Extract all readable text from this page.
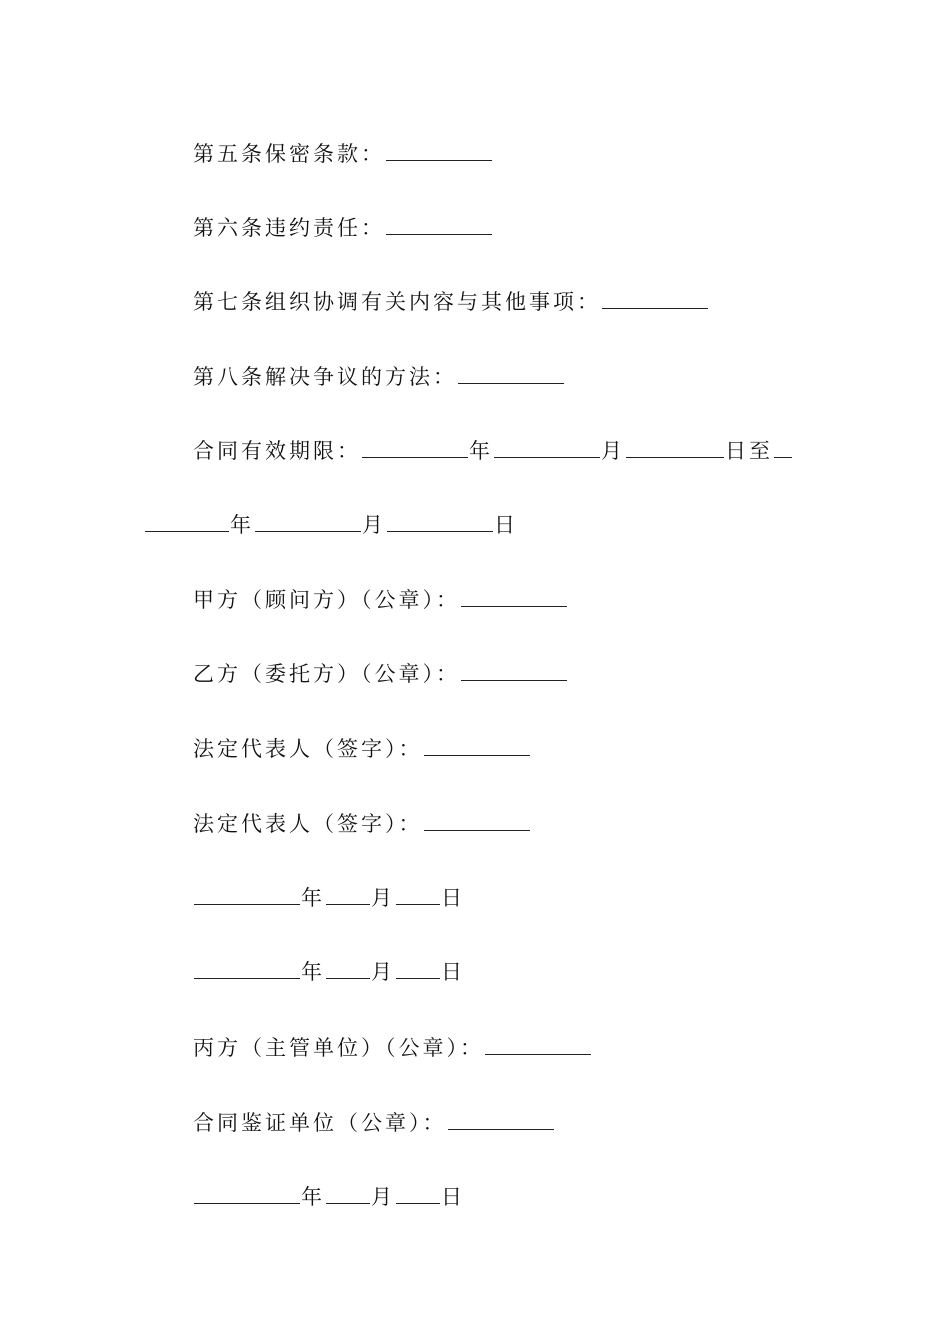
第五条保密条款：
第六条违约责任：
第七条组织协调有关内容与其他事项：
第八条解决争议的方法：
合同有效期限：	年	月	日至
年	月	日
甲方（顾问方）（公章）：
乙方（委托方）（公章）：
法定代表人（签字）：
法定代表人（签字）：
年 月 日
年 月 日
丙方（主管单位）（公章）：
合同鉴证单位（公章）：
年 月 日
